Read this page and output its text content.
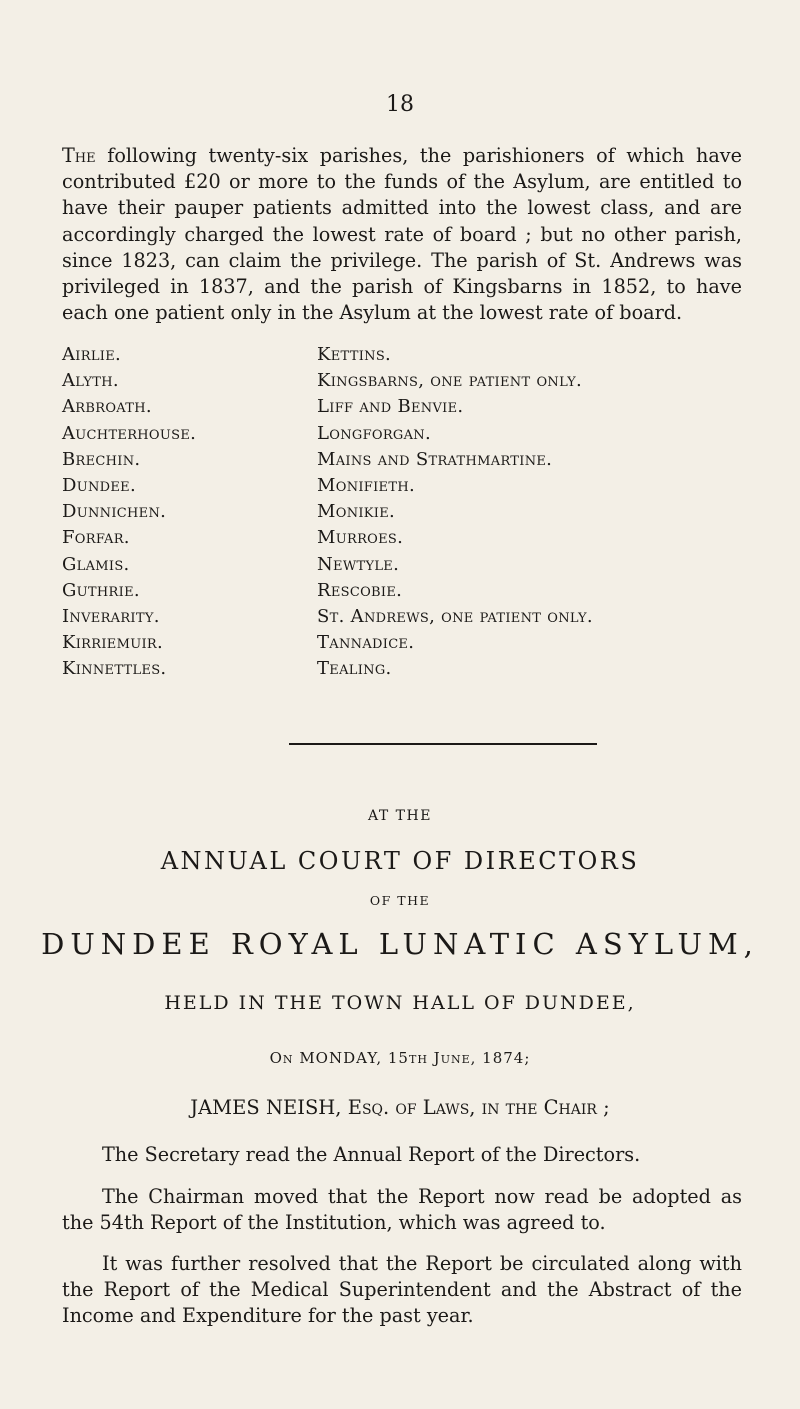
18

The following twenty-six parishes, the parishioners of which have contributed £20 or more to the funds of the Asylum, are entitled to have their pauper patients admitted into the lowest class, and are accordingly charged the lowest rate of board ; but no other parish, since 1823, can claim the privilege. The parish of St. Andrews was privileged in 1837, and the parish of Kingsbarns in 1852, to have each one patient only in the Asylum at the lowest rate of board.

Airlie.
Alyth.
Arbroath.
Auchterhouse.
Brechin.
Dundee.
Dunnichen.
Forfar.
Glamis.
Guthrie.
Inverarity.
Kirriemuir.
Kinnettles.
Kettins.
Kingsbarns, one patient only.
Liff and Benvie.
Longforgan.
Mains and Strathmartine.
Monifieth.
Monikie.
Murroes.
Newtyle.
Rescobie.
St. Andrews, one patient only.
Tannadice.
Tealing.
AT THE
ANNUAL COURT OF DIRECTORS
OF THE
DUNDEE ROYAL LUNATIC ASYLUM,
HELD IN THE TOWN HALL OF DUNDEE,
On MONDAY, 15th June, 1874;
JAMES NEISH, Esq. of Laws, in the Chair ;

The Secretary read the Annual Report of the Directors.

The Chairman moved that the Report now read be adopted as the 54th Report of the Institution, which was agreed to.

It was further resolved that the Report be circulated along with the Report of the Medical Superintendent and the Abstract of the Income and Expenditure for the past year.
